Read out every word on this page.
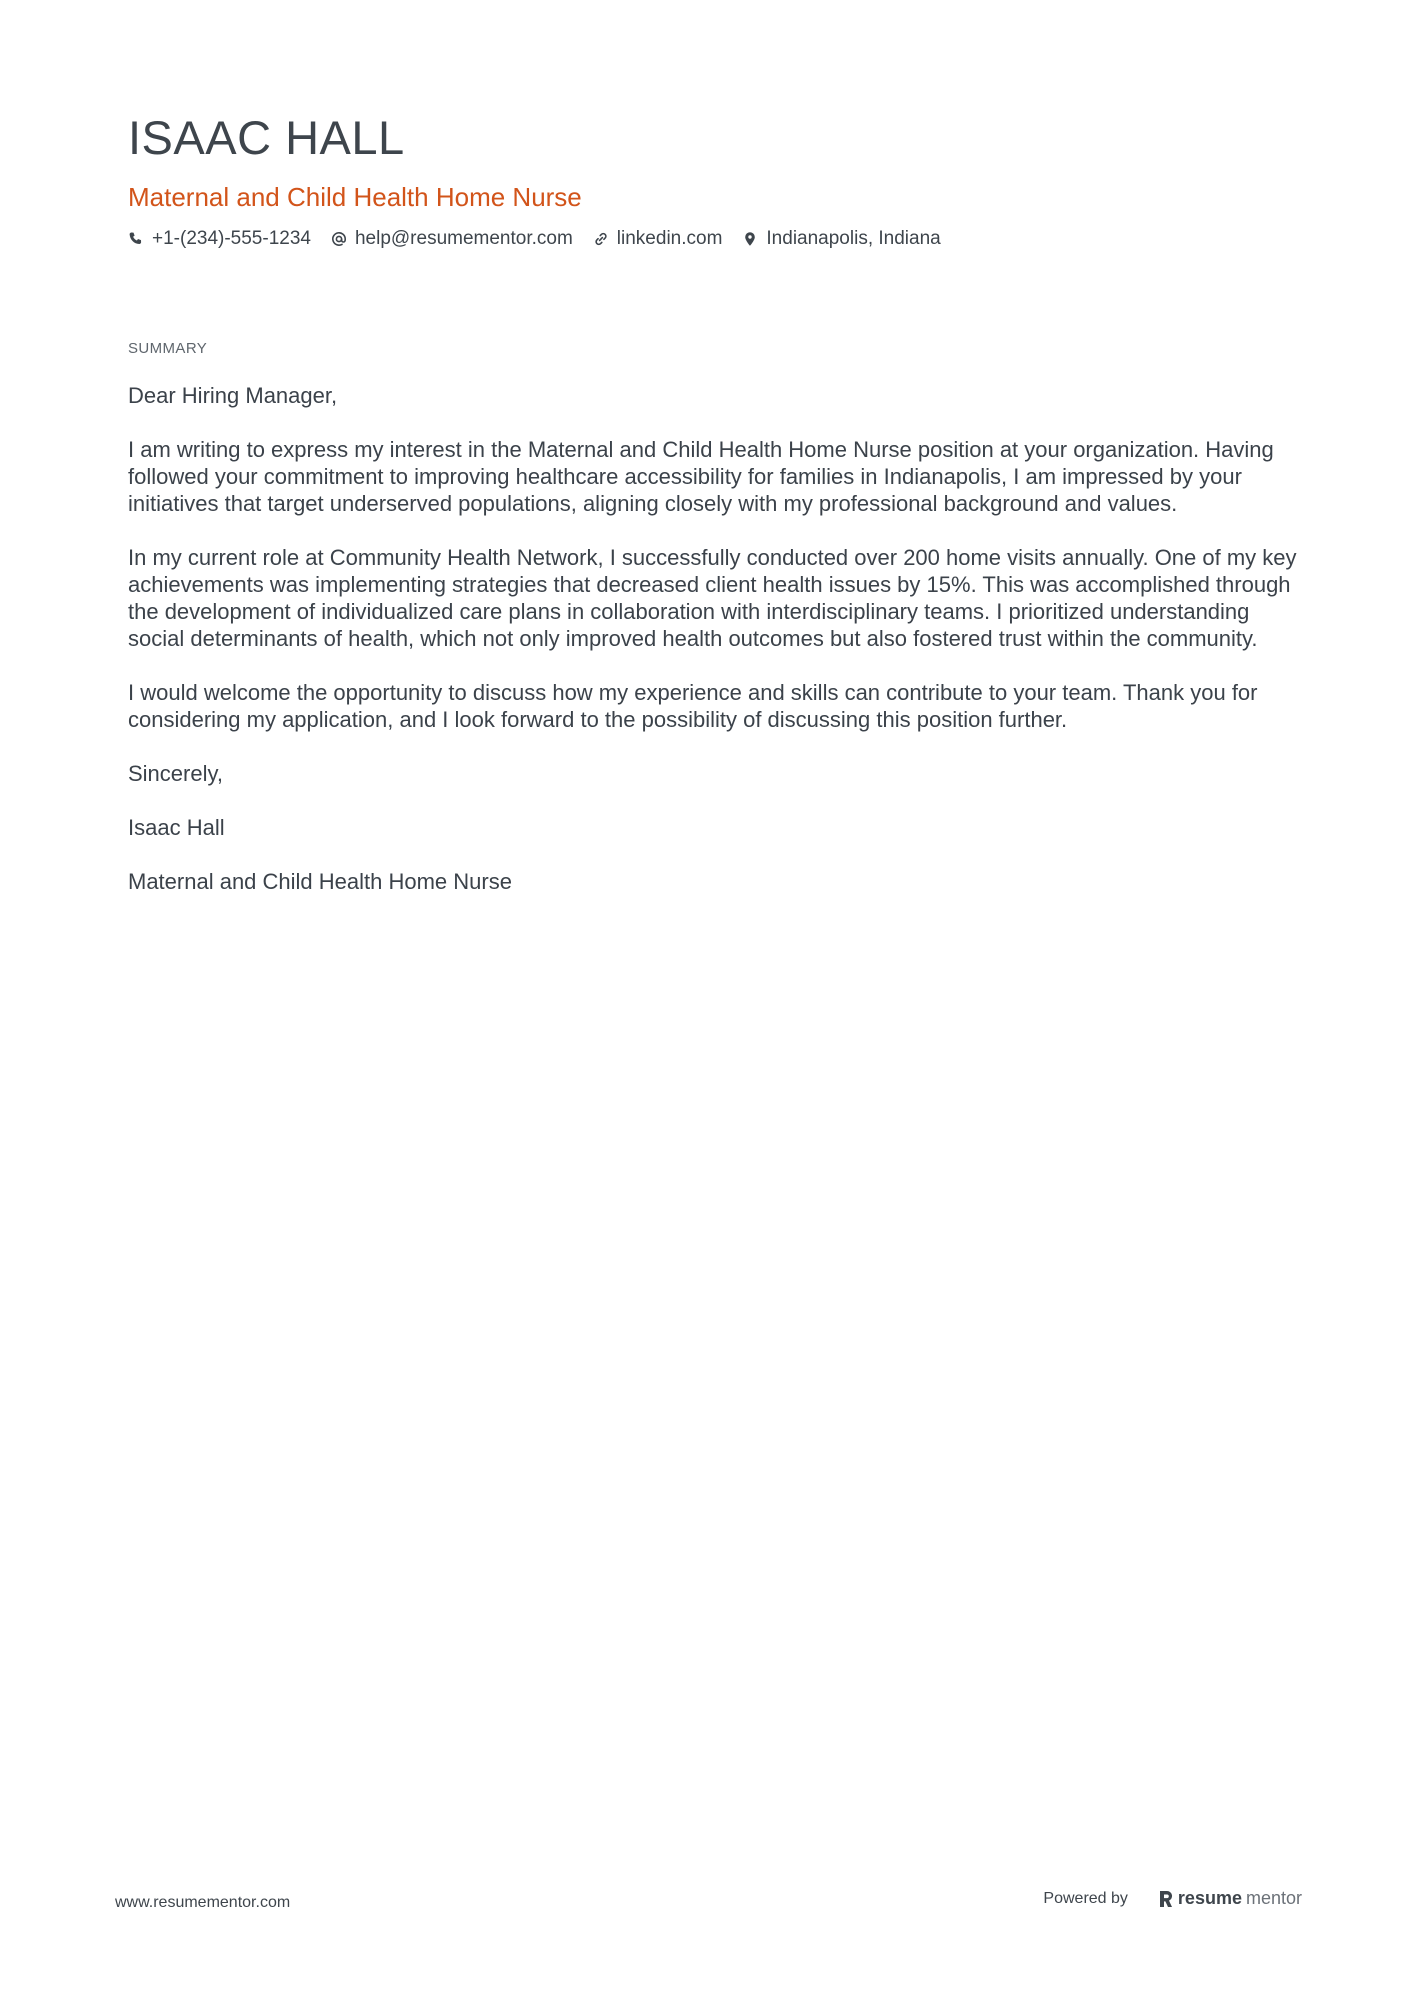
ISAAC HALL
Maternal and Child Health Home Nurse
+1-(234)-555-1234 help@resumementor.com linkedin.com Indianapolis, Indiana
SUMMARY

Dear Hiring Manager,

I am writing to express my interest in the Maternal and Child Health Home Nurse position at your organization. Having followed your commitment to improving healthcare accessibility for families in Indianapolis, I am impressed by your initiatives that target underserved populations, aligning closely with my professional background and values.

In my current role at Community Health Network, I successfully conducted over 200 home visits annually. One of my key achievements was implementing strategies that decreased client health issues by 15%. This was accomplished through the development of individualized care plans in collaboration with interdisciplinary teams. I prioritized understanding social determinants of health, which not only improved health outcomes but also fostered trust within the community.

I would welcome the opportunity to discuss how my experience and skills can contribute to your team. Thank you for considering my application, and I look forward to the possibility of discussing this position further.

Sincerely,

Isaac Hall

Maternal and Child Health Home Nurse

www.resumementor.com	Powered by	resume mentor
